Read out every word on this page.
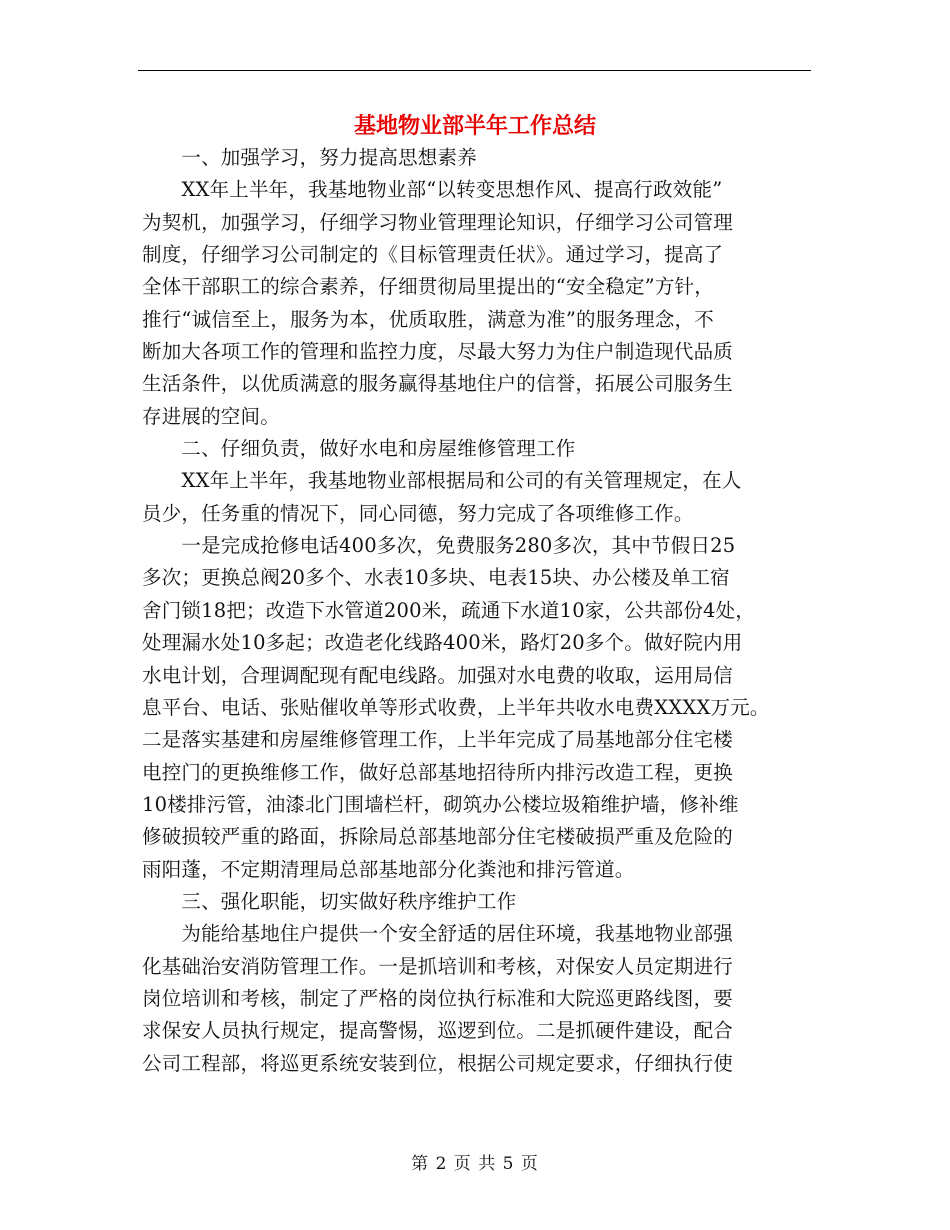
基地物业部半年工作总结
　　一、加强学习，努力提高思想素养
　　XX年上半年，我基地物业部“以转变思想作风、提高行政效能”
为契机，加强学习，仔细学习物业管理理论知识，仔细学习公司管理
制度，仔细学习公司制定的《目标管理责任状》。通过学习，提高了
全体干部职工的综合素养，仔细贯彻局里提出的“安全稳定”方针，
推行“诚信至上，服务为本，优质取胜，满意为准”的服务理念，不
断加大各项工作的管理和监控力度，尽最大努力为住户制造现代品质
生活条件，以优质满意的服务赢得基地住户的信誉，拓展公司服务生
存进展的空间。
　　二、仔细负责，做好水电和房屋维修管理工作
　　XX年上半年，我基地物业部根据局和公司的有关管理规定，在人
员少，任务重的情况下，同心同德，努力完成了各项维修工作。
　　一是完成抢修电话400多次，免费服务280多次，其中节假日25
多次；更换总阀20多个、水表10多块、电表15块、办公楼及单工宿
舍门锁18把；改造下水管道200米，疏通下水道10家，公共部份4处，
处理漏水处10多起；改造老化线路400米，路灯20多个。做好院内用
水电计划，合理调配现有配电线路。加强对水电费的收取，运用局信
息平台、电话、张贴催收单等形式收费，上半年共收水电费XXXX万元。
二是落实基建和房屋维修管理工作，上半年完成了局基地部分住宅楼
电控门的更换维修工作，做好总部基地招待所内排污改造工程，更换
10楼排污管，油漆北门围墙栏杆，砌筑办公楼垃圾箱维护墙，修补维
修破损较严重的路面，拆除局总部基地部分住宅楼破损严重及危险的
雨阳蓬，不定期清理局总部基地部分化粪池和排污管道。
　　三、强化职能，切实做好秩序维护工作
　　为能给基地住户提供一个安全舒适的居住环境，我基地物业部强
化基础治安消防管理工作。一是抓培训和考核，对保安人员定期进行
岗位培训和考核，制定了严格的岗位执行标准和大院巡更路线图，要
求保安人员执行规定，提高警惕，巡逻到位。二是抓硬件建设，配合
公司工程部，将巡更系统安装到位，根据公司规定要求，仔细执行使
第 2 页 共 5 页
